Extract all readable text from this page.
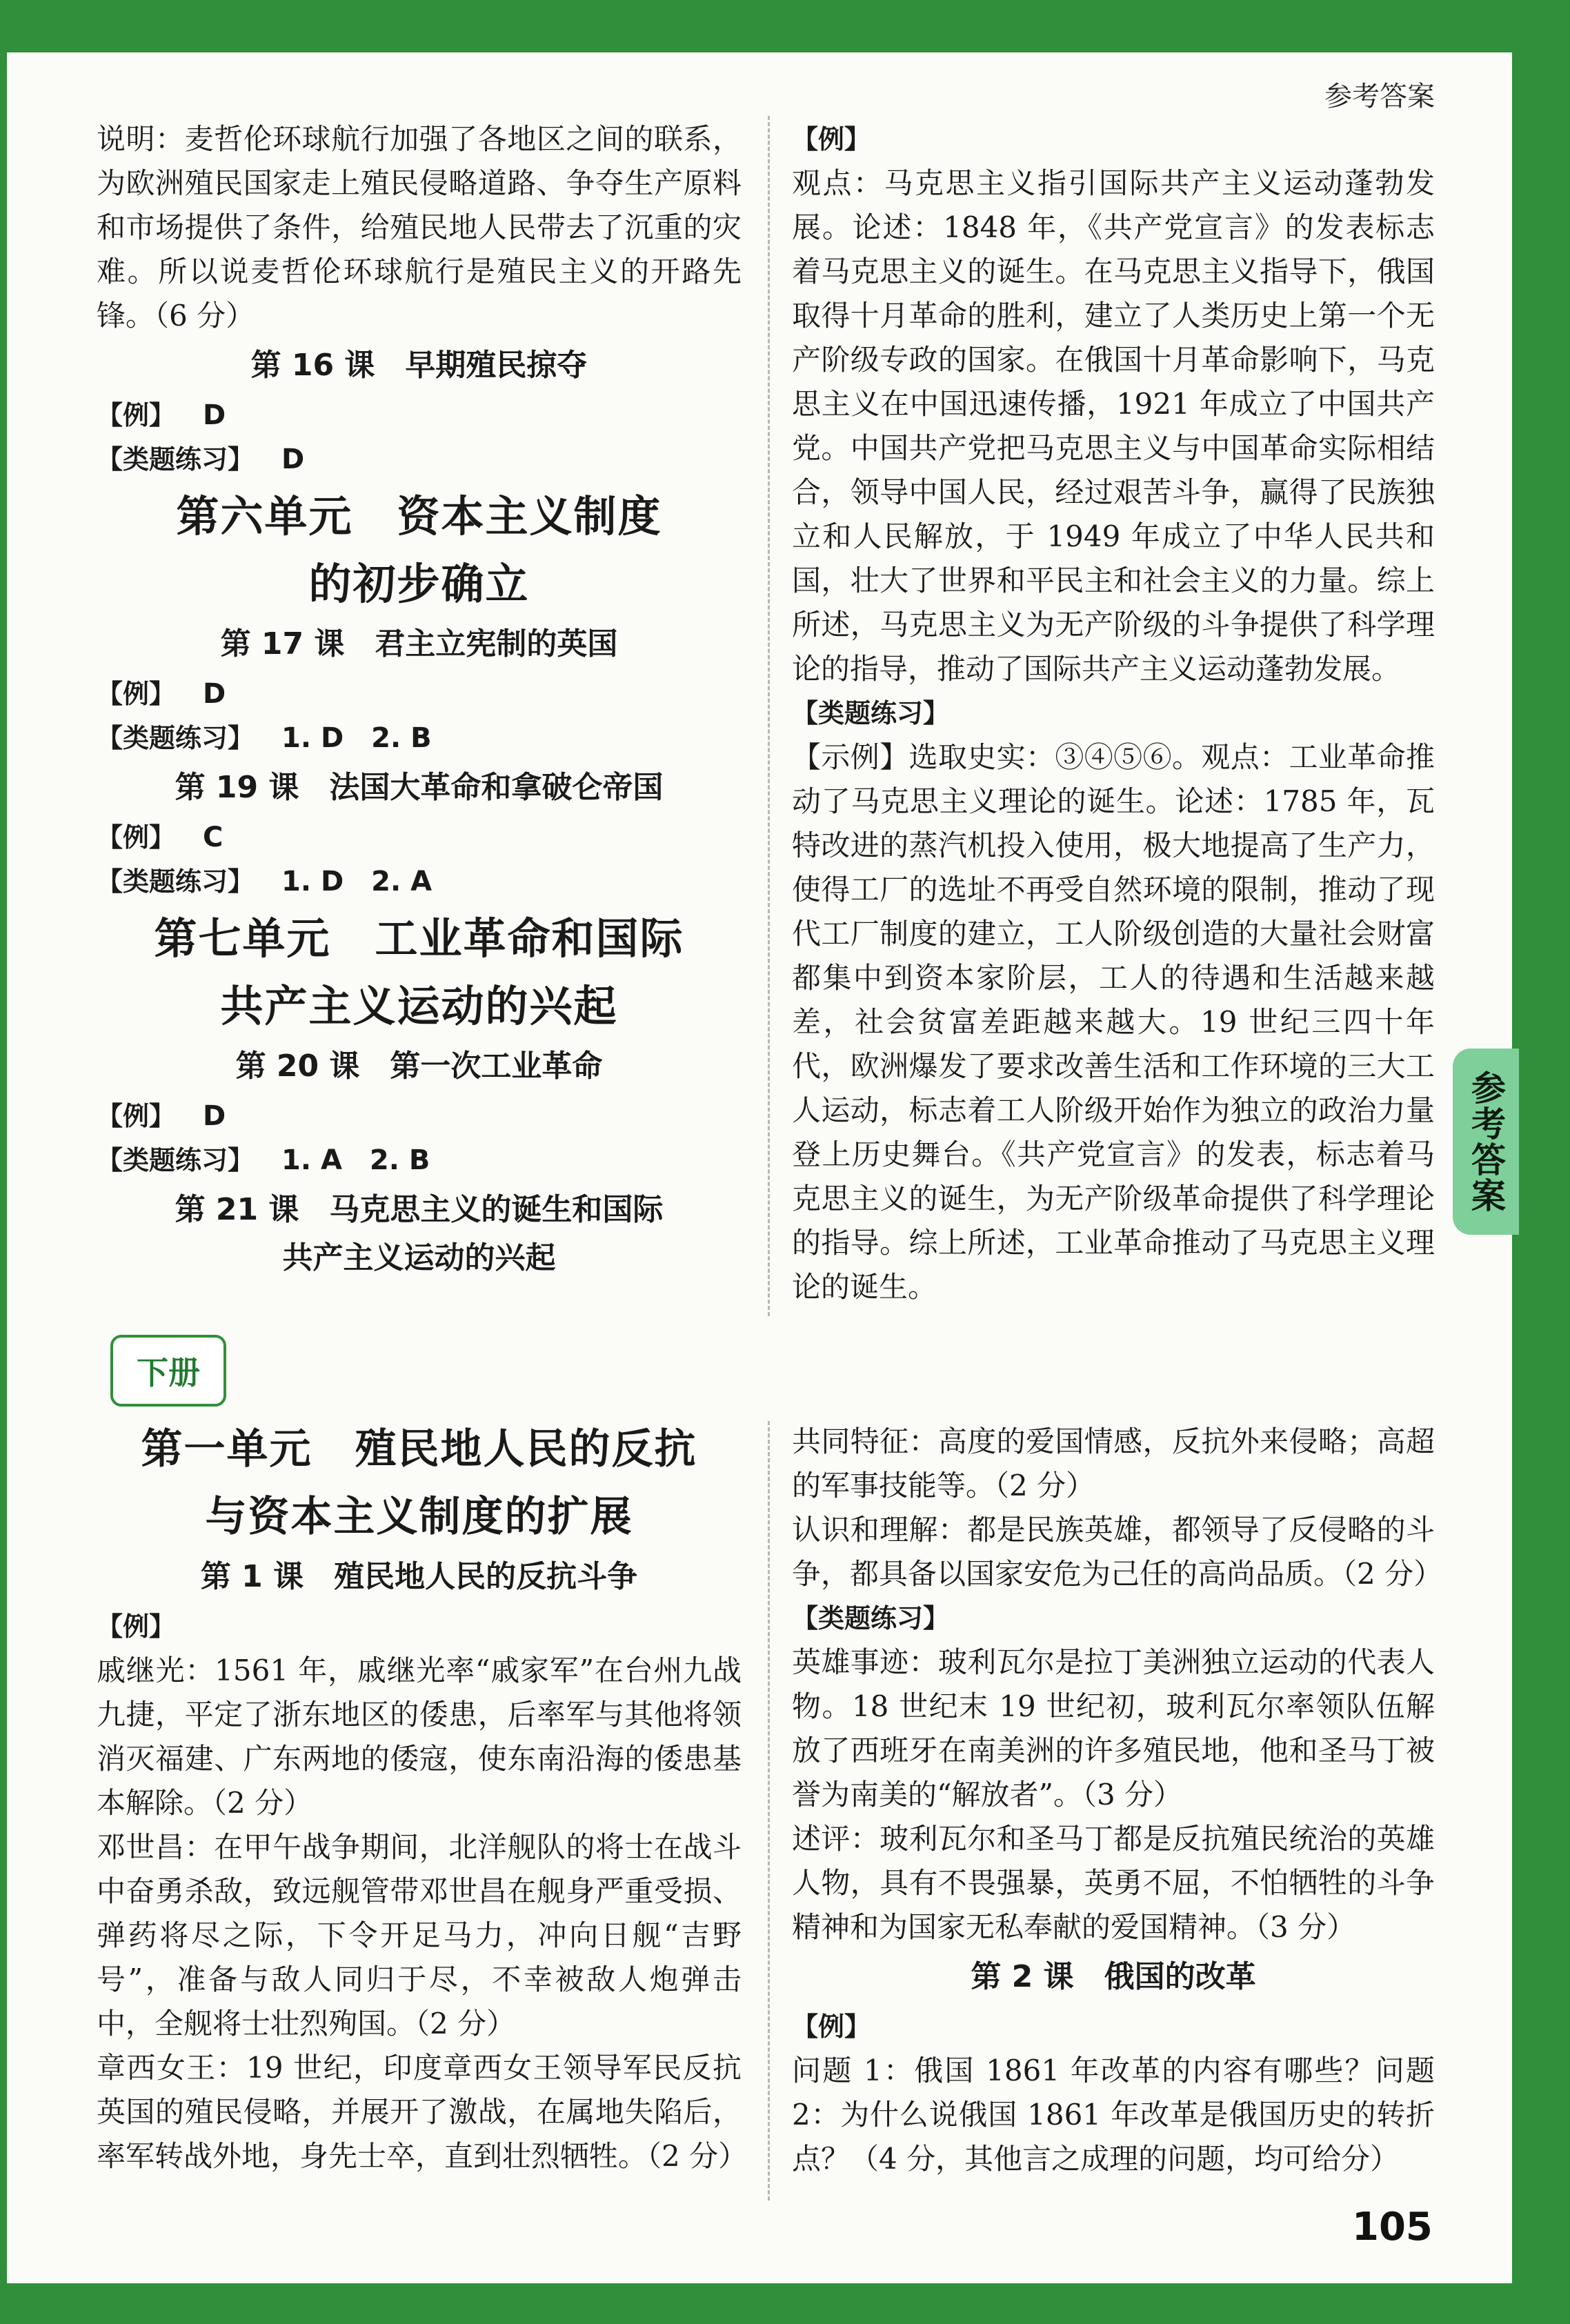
参考答案
参考答案

说明：麦哲伦环球航行加强了各地区之间的联系，为欧洲殖民国家走上殖民侵略道路、争夺生产原料和市场提供了条件，给殖民地人民带去了沉重的灾难。所以说麦哲伦环球航行是殖民主义的开路先锋。（6 分）

第 16 课　早期殖民掠夺
【例】 D
【类题练习】 D
第六单元　资本主义制度
的初步确立
第 17 课　君主立宪制的英国
【例】 D
【类题练习】 1. D　2. B
第 19 课　法国大革命和拿破仑帝国
【例】 C
【类题练习】 1. D　2. A
第七单元　工业革命和国际
共产主义运动的兴起
第 20 课　第一次工业革命
【例】 D
【类题练习】 1. A　2. B
第 21 课　马克思主义的诞生和国际
共产主义运动的兴起
【例】

观点：马克思主义指引国际共产主义运动蓬勃发展。论述：1848 年，《共产党宣言》的发表标志着马克思主义的诞生。在马克思主义指导下，俄国取得十月革命的胜利，建立了人类历史上第一个无产阶级专政的国家。在俄国十月革命影响下，马克思主义在中国迅速传播，1921 年成立了中国共产党。中国共产党把马克思主义与中国革命实际相结合，领导中国人民，经过艰苦斗争，赢得了民族独立和人民解放，于 1949 年成立了中华人民共和国，壮大了世界和平民主和社会主义的力量。综上所述，马克思主义为无产阶级的斗争提供了科学理论的指导，推动了国际共产主义运动蓬勃发展。

【类题练习】

【示例】选取史实：③④⑤⑥。观点：工业革命推动了马克思主义理论的诞生。论述：1785 年，瓦特改进的蒸汽机投入使用，极大地提高了生产力，使得工厂的选址不再受自然环境的限制，推动了现代工厂制度的建立，工人阶级创造的大量社会财富都集中到资本家阶层，工人的待遇和生活越来越差，社会贫富差距越来越大。19 世纪三四十年代，欧洲爆发了要求改善生活和工作环境的三大工人运动，标志着工人阶级开始作为独立的政治力量登上历史舞台。《共产党宣言》的发表，标志着马克思主义的诞生，为无产阶级革命提供了科学理论的指导。综上所述，工业革命推动了马克思主义理论的诞生。

下册
第一单元　殖民地人民的反抗
与资本主义制度的扩展
第 1 课　殖民地人民的反抗斗争
【例】

戚继光：1561 年，戚继光率“戚家军”在台州九战九捷，平定了浙东地区的倭患，后率军与其他将领消灭福建、广东两地的倭寇，使东南沿海的倭患基本解除。（2 分）

邓世昌：在甲午战争期间，北洋舰队的将士在战斗中奋勇杀敌，致远舰管带邓世昌在舰身严重受损、弹药将尽之际，下令开足马力，冲向日舰“吉野号”，准备与敌人同归于尽，不幸被敌人炮弹击中，全舰将士壮烈殉国。（2 分）

章西女王：19 世纪，印度章西女王领导军民反抗英国的殖民侵略，并展开了激战，在属地失陷后，率军转战外地，身先士卒，直到壮烈牺牲。（2 分）

共同特征：高度的爱国情感，反抗外来侵略；高超的军事技能等。（2 分）

认识和理解：都是民族英雄，都领导了反侵略的斗争，都具备以国家安危为己任的高尚品质。（2 分）

【类题练习】

英雄事迹：玻利瓦尔是拉丁美洲独立运动的代表人物。18 世纪末 19 世纪初，玻利瓦尔率领队伍解放了西班牙在南美洲的许多殖民地，他和圣马丁被誉为南美的“解放者”。（3 分）

述评：玻利瓦尔和圣马丁都是反抗殖民统治的英雄人物，具有不畏强暴，英勇不屈，不怕牺牲的斗争精神和为国家无私奉献的爱国精神。（3 分）

第 2 课　俄国的改革
【例】

问题 1：俄国 1861 年改革的内容有哪些？问题 2：为什么说俄国 1861 年改革是俄国历史的转折点？（4 分，其他言之成理的问题，均可给分）

105
